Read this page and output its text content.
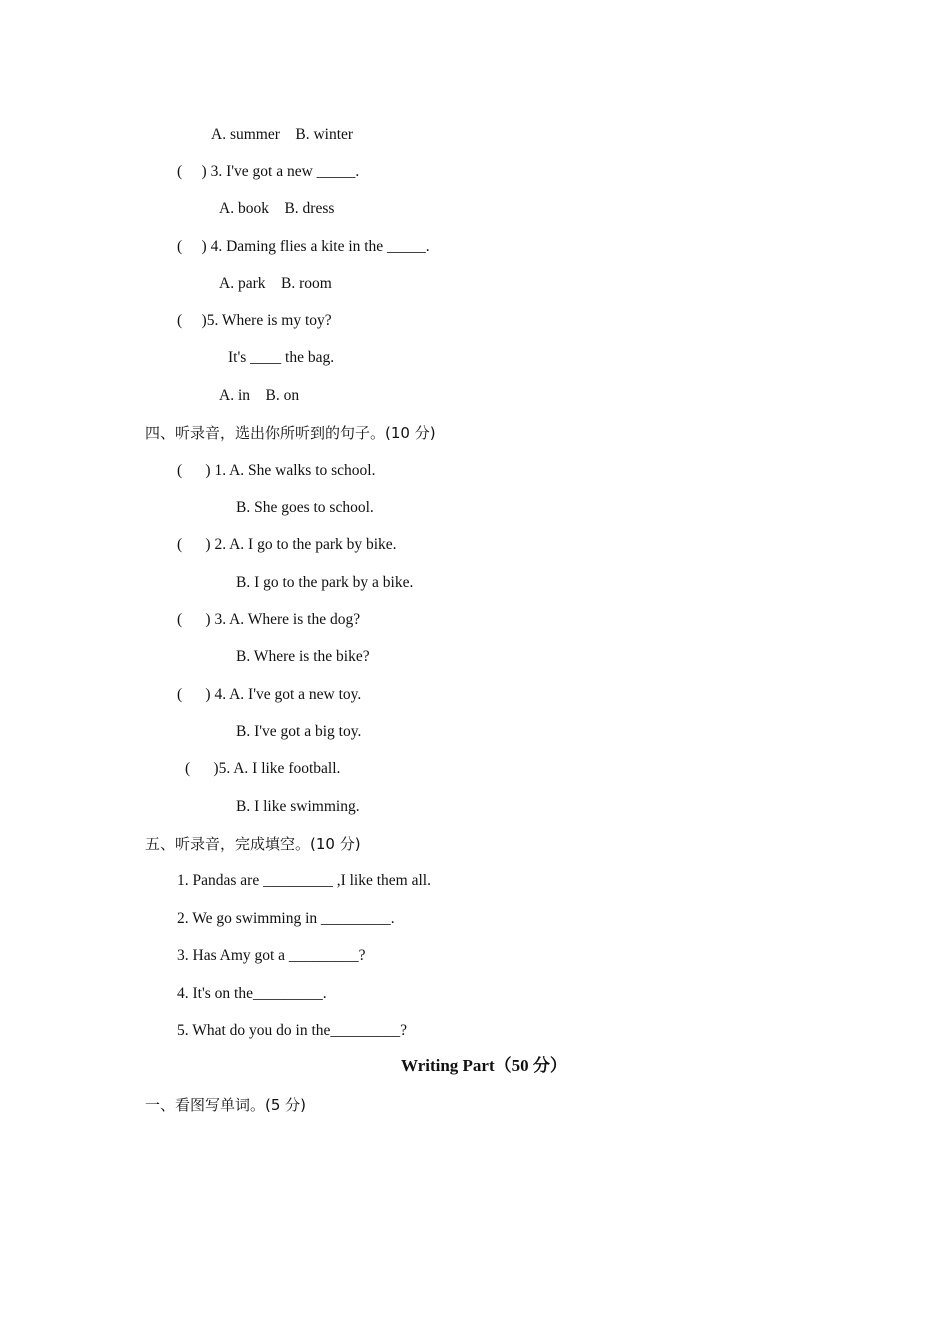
A. summer    B. winter
(     ) 3. I've got a new _____.
A. book    B. dress
(     ) 4. Daming flies a kite in the _____.
A. park    B. room
(     )5. Where is my toy?
It's ____ the bag.
A. in    B. on
四、听录音，选出你所听到的句子。(10 分)
(      ) 1. A. She walks to school.
B. She goes to school.
(      ) 2. A. I go to the park by bike.
B. I go to the park by a bike.
(      ) 3. A. Where is the dog?
B. Where is the bike?
(      ) 4. A. I've got a new toy.
B. I've got a big toy.
(      )5. A. I like football.
B. I like swimming.
五、听录音，完成填空。(10 分)
1. Pandas are _________ ,I like them all.
2. We go swimming in _________.
3. Has Amy got a _________?
4. It's on the_________.
5. What do you do in the_________?
Writing Part（50 分）
一、看图写单词。(5 分)
